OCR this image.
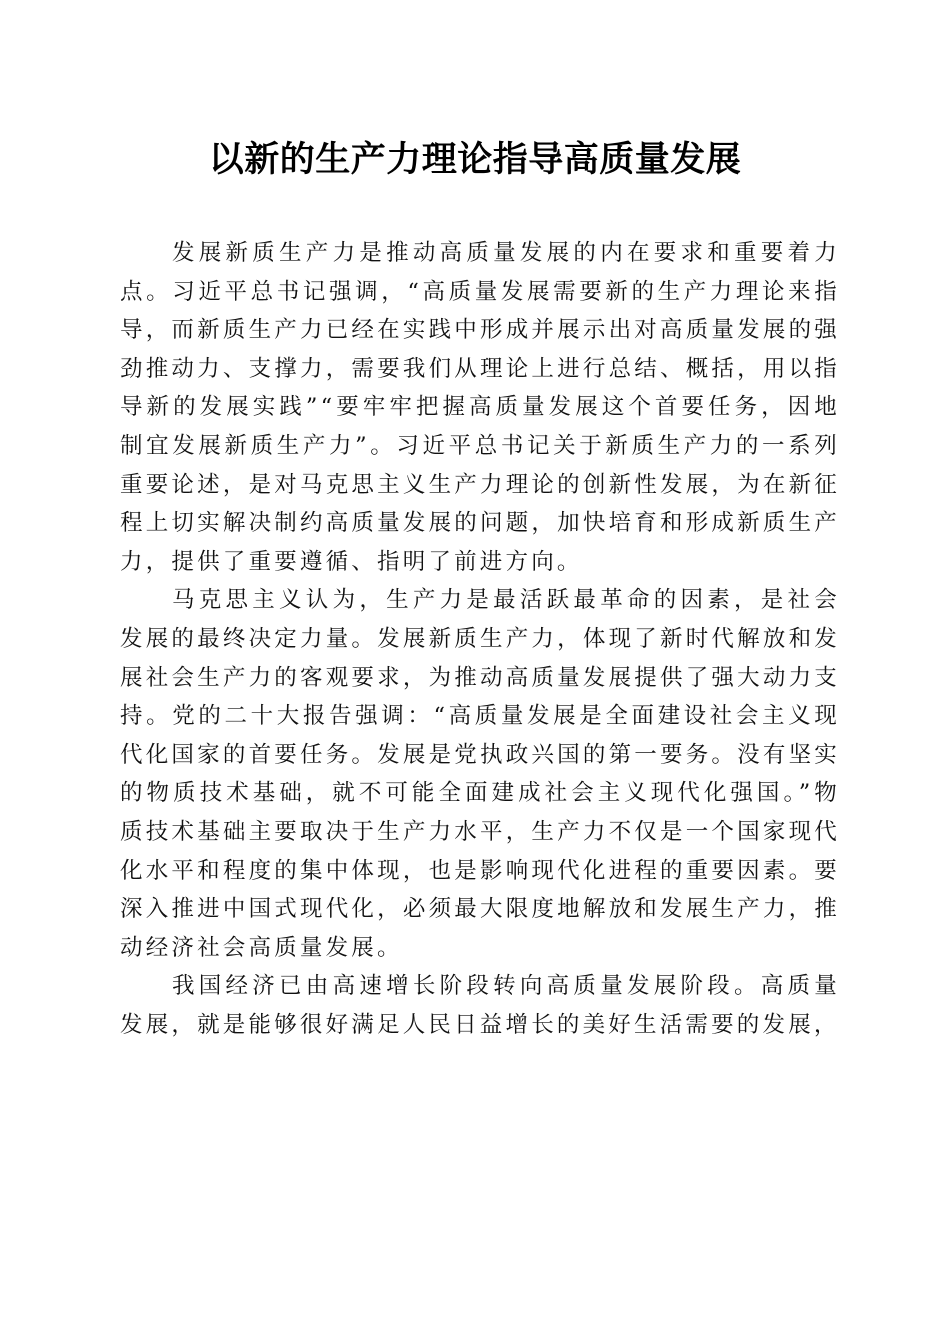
以新的生产力理论指导高质量发展

发展新质生产力是推动高质量发展的内在要求和重要着力点。习近平总书记强调，“高质量发展需要新的生产力理论来指导，而新质生产力已经在实践中形成并展示出对高质量发展的强劲推动力、支撑力，需要我们从理论上进行总结、概括，用以指导新的发展实践”“要牢牢把握高质量发展这个首要任务，因地制宜发展新质生产力”。习近平总书记关于新质生产力的一系列重要论述，是对马克思主义生产力理论的创新性发展，为在新征程上切实解决制约高质量发展的问题，加快培育和形成新质生产力，提供了重要遵循、指明了前进方向。

马克思主义认为，生产力是最活跃最革命的因素，是社会发展的最终决定力量。发展新质生产力，体现了新时代解放和发展社会生产力的客观要求，为推动高质量发展提供了强大动力支持。党的二十大报告强调：“高质量发展是全面建设社会主义现代化国家的首要任务。发展是党执政兴国的第一要务。没有坚实的物质技术基础，就不可能全面建成社会主义现代化强国。”物质技术基础主要取决于生产力水平，生产力不仅是一个国家现代化水平和程度的集中体现，也是影响现代化进程的重要因素。要深入推进中国式现代化，必须最大限度地解放和发展生产力，推动经济社会高质量发展。

我国经济已由高速增长阶段转向高质量发展阶段。高质量发展，就是能够很好满足人民日益增长的美好生活需要的发展，
